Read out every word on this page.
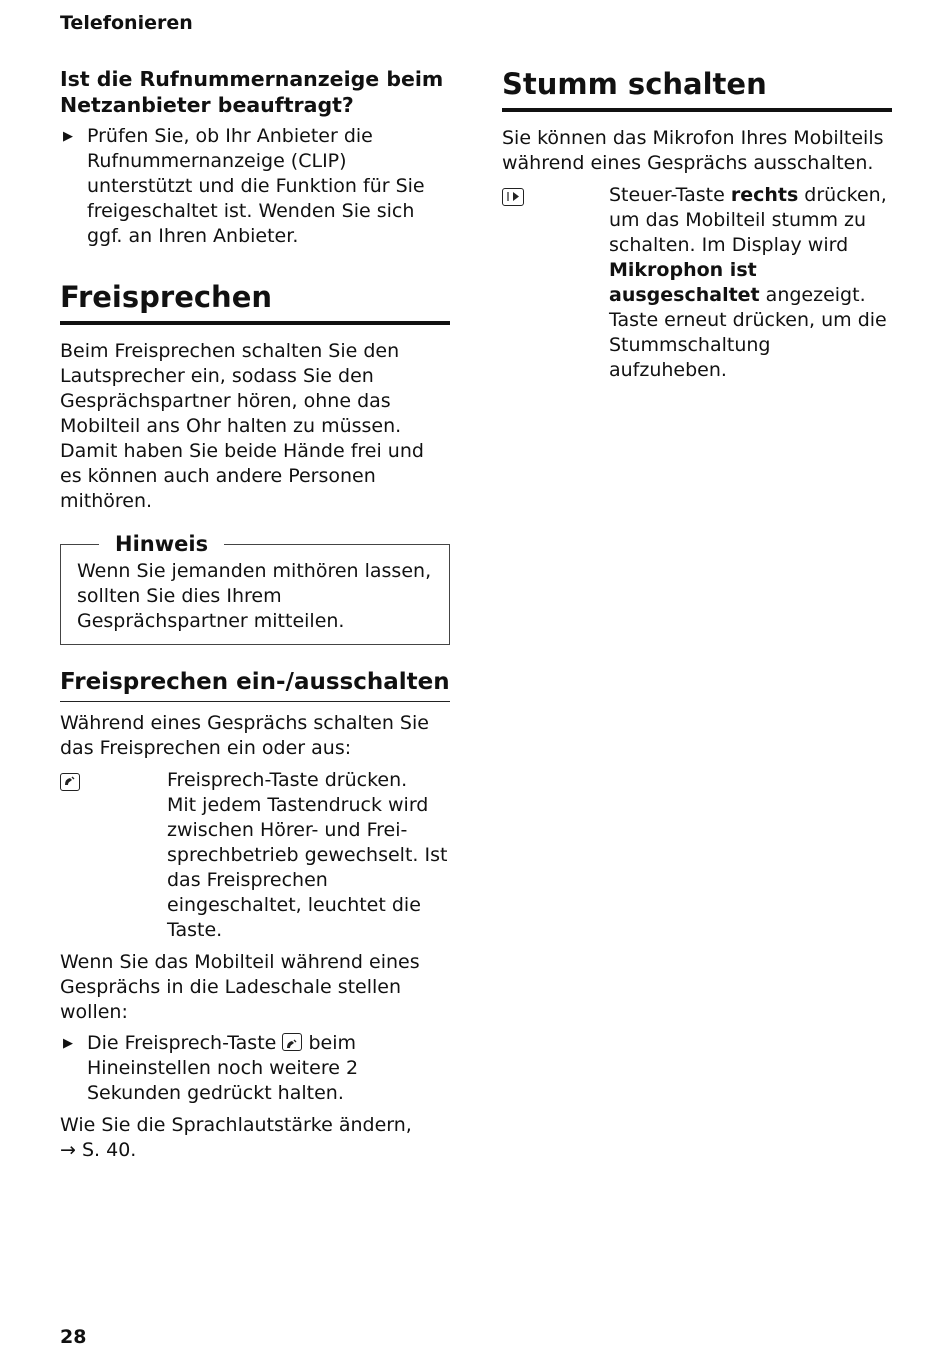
Telefonieren

Ist die Rufnummernanzeige beim Netzanbieter beauftragt?

▶ Prüfen Sie, ob Ihr Anbieter die Rufnummernanzeige (CLIP) unterstützt und die Funktion für Sie freigeschaltet ist. Wenden Sie sich ggf. an Ihren Anbieter.
Freisprechen

Beim Freisprechen schalten Sie den Lautsprecher ein, sodass Sie den Gesprächspartner hören, ohne das Mobilteil ans Ohr halten zu müssen. Damit haben Sie beide Hände frei und es können auch andere Personen mithören.

Hinweis

Wenn Sie jemanden mithören lassen, sollten Sie dies Ihrem Gesprächspartner mitteilen.

Freisprechen ein-/ausschalten

Während eines Gesprächs schalten Sie das Freisprechen ein oder aus:

Freisprech-Taste drücken.
Mit jedem Tastendruck wird zwischen Hörer- und Freisprechbetrieb gewechselt. Ist das Freisprechen eingeschaltet, leuchtet die Taste.

Wenn Sie das Mobilteil während eines Gesprächs in die Ladeschale stellen wollen:

▶ Die Freisprech-Taste beim Hineinstellen noch weitere 2 Sekunden gedrückt halten.

Wie Sie die Sprachlautstärke ändern,

→ S. 40.

Stumm schalten

Sie können das Mikrofon Ihres Mobilteils während eines Gesprächs ausschalten.

Steuer-Taste rechts drücken, um das Mobilteil stumm zu schalten. Im Display wird Mikrophon ist ausgeschaltet angezeigt. Taste erneut drücken, um die Stummschaltung aufzuheben.
28
